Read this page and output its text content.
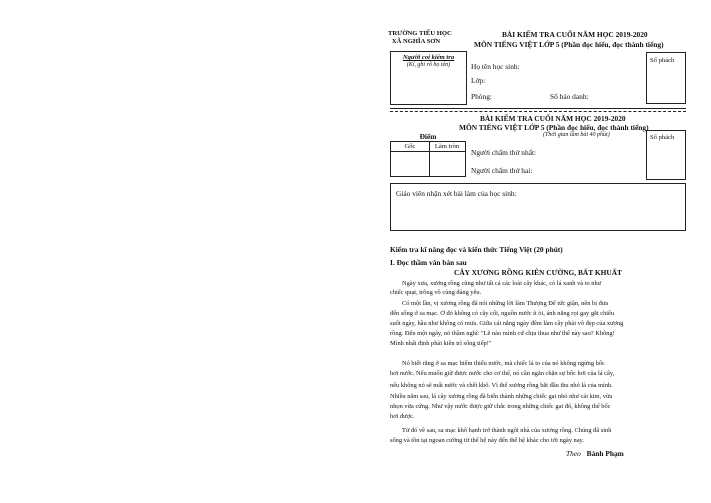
TRƯỜNG TIỂU HỌC
XÃ NGHĨA SƠN
BÀI KIỂM TRA CUỐI NĂM HỌC 2019-2020
MÔN TIẾNG VIỆT LỚP 5 (Phần đọc hiểu, đọc thành tiếng)
Người coi kiểm tra
(Kí, ghi rõ họ tên)	Họ tên học sinh:
Lớp:
Phòng:	Số báo danh:
Số phách
BÀI KIỂM TRA CUỐI NĂM HỌC 2019-2020
MÔN TIẾNG VIỆT LỚP 5 (Phần đọc hiểu, đọc thành tiếng)
(Thời gian làm bài 40 phút)
Điểm
Gốc	Làm tròn
Người chấm thứ nhất:
Người chấm thứ hai:
Số phách
Giáo viên nhận xét bài làm của học sinh:
Kiểm tra kĩ năng đọc và kiến thức Tiếng Việt (20 phút)
I. Đọc thầm văn bản sau
CÂY XƯƠNG RỒNG KIÊN CƯỜNG, BẤT KHUẤT
Ngày xưa, xương rồng cũng như tất cả các loài cây khác, có lá xanh và to như
chiếc quạt, trông vô cùng đáng yêu.
Có một lần, vị xương rồng đã nói những lời làm Thượng Đế tức giận, nên bị đưa
đến sống ở sa mạc. Ở đó không có cây cối, nguồn nước ít ỏi, ánh nắng rọi gay gắt chiếu
suốt ngày, hầu như không có mưa. Giữa cái nắng ngày đêm làm cây phải vô đẹp của xương
rồng. Đến một ngày, nó thầm nghĩ: "Lẽ nào mình cứ chịu thua như thế này sao? Không!
Mình nhất định phải kiên trì sống tiếp!"
Nó biết rằng ở sa mạc hiếm thiếu nước, mà chiếc lá to của nó không ngừng bốc
hơi nước. Nếu muốn giữ được nước cho cơ thể, nó cần ngăn chặn sự bốc hơi của lá cây,
nếu không nó sẽ mất nước và chết khô. Vì thế xương rồng bắt đầu thu nhỏ lá của mình.
Nhiều năm sau, lá cây xương rồng đã biến thành những chiếc gai nhỏ như cái kim, vừa
nhọn vừa cứng. Như vậy nước được giữ chắc trong những chiếc gai đó, không thể bốc
hơi được.
Từ đó về sau, sa mạc khô hạnh trở thành ngôi nhà của xương rồng. Chúng đã sinh
sống và tồn tại ngoan cường từ thế hệ này đến thế hệ khác cho tới ngày nay.
Theo Bành Phạm
